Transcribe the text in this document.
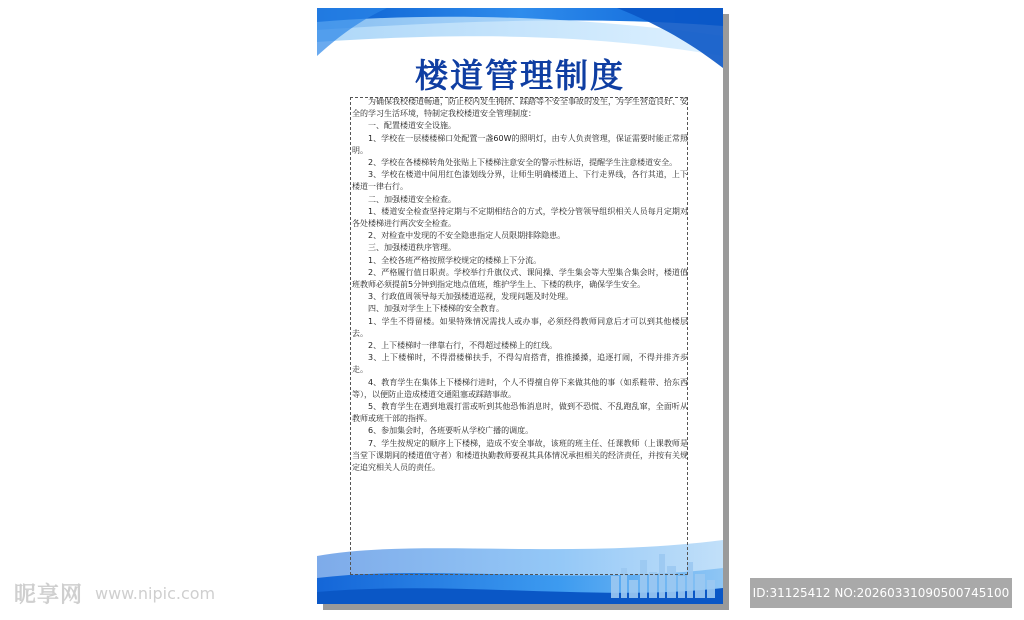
楼道管理制度

为确保我校楼道畅通，防止校内发生拥挤、踩踏等不安全事故的发生，为学生营造良好、安全的学习生活环境，特制定我校楼道安全管理制度：

一、配置楼道安全设施。

1、学校在一层楼楼梯口处配置一盏60W的照明灯，由专人负责管理，保证需要时能正常照明。

2、学校在各楼梯转角处张贴上下楼梯注意安全的警示性标语，提醒学生注意楼道安全。

3、学校在楼道中间用红色漆划线分界，让师生明确楼道上、下行走界线，各行其道，上下楼道一律右行。

二、加强楼道安全检查。

1、楼道安全检查坚持定期与不定期相结合的方式，学校分管领导组织相关人员每月定期对各处楼梯进行两次安全检查。

2、对检查中发现的不安全隐患指定人员限期排除隐患。

三、加强楼道秩序管理。

1、全校各班严格按照学校规定的楼梯上下分流。

2、严格履行值日职责。学校举行升旗仪式、课间操、学生集会等大型集合集会时，楼道值班教师必须提前5分钟到指定地点值班，维护学生上、下楼的秩序，确保学生安全。

3、行政值周领导每天加强楼道巡视，发现问题及时处理。

四、加强对学生上下楼梯的安全教育。

1、学生不得留楼。如果特殊情况需找人或办事，必须经得教师同意后才可以到其他楼层去。

2、上下楼梯时一律靠右行，不得超过楼梯上的红线。

3、上下楼梯时，不得滑楼梯扶手，不得勾肩搭背，推推搡搡，追逐打闹，不得并排齐步走。

4、教育学生在集体上下楼梯行进时，个人不得擅自停下来做其他的事（如系鞋带、拾东西等），以便防止造成楼道交通阻塞或踩踏事故。

5、教育学生在遇到地震打雷或听到其他恐怖消息时，做到不恐慌、不乱跑乱窜，全面听从教师或班干部的指挥。

6、参加集会时，各班要听从学校广播的调度。

7、学生按规定的顺序上下楼梯，造成不安全事故，该班的班主任、任课教师（上课教师是当堂下课期间的楼道值守者）和楼道执勤教师要视其具体情况承担相关的经济责任，并按有关规定追究相关人员的责任。

昵享网 www.nipic.com	ID:31125412 NO:20260331090500745100
